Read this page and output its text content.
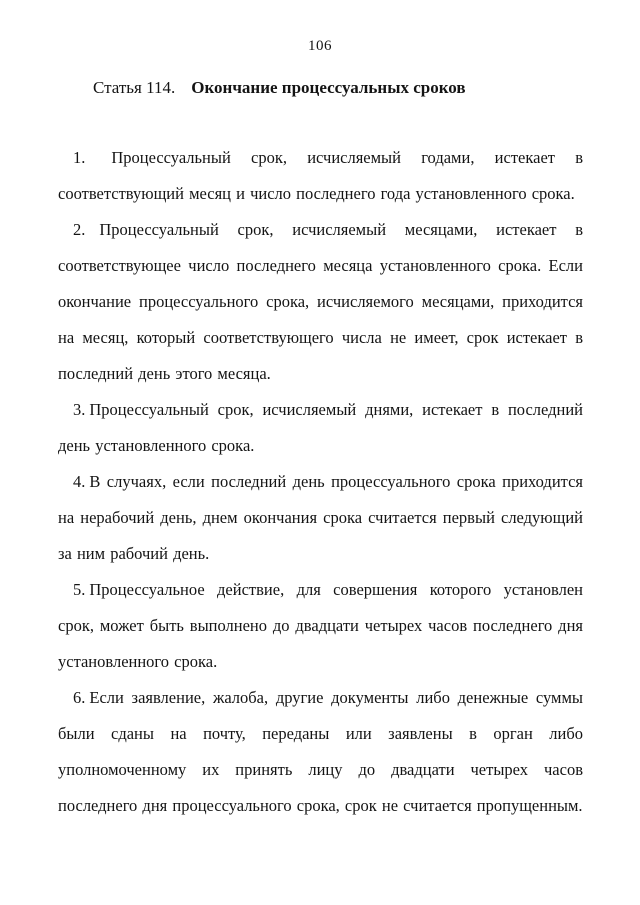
106
Статья 114. Окончание процессуальных сроков

1. Процессуальный срок, исчисляемый годами, истекает в соответствующий месяц и число последнего года установленного срока.

2. Процессуальный срок, исчисляемый месяцами, истекает в соответствующее число последнего месяца установленного срока. Если окончание процессуального срока, исчисляемого месяцами, приходится на месяц, который соответствующего числа не имеет, срок истекает в последний день этого месяца.

3. Процессуальный срок, исчисляемый днями, истекает в последний день установленного срока.

4. В случаях, если последний день процессуального срока приходится на нерабочий день, днем окончания срока считается первый следующий за ним рабочий день.

5. Процессуальное действие, для совершения которого установлен срок, может быть выполнено до двадцати четырех часов последнего дня установленного срока.

6. Если заявление, жалоба, другие документы либо денежные суммы были сданы на почту, переданы или заявлены в орган либо уполномоченному их принять лицу до двадцати четырех часов последнего дня процессуального срока, срок не считается пропущенным.
